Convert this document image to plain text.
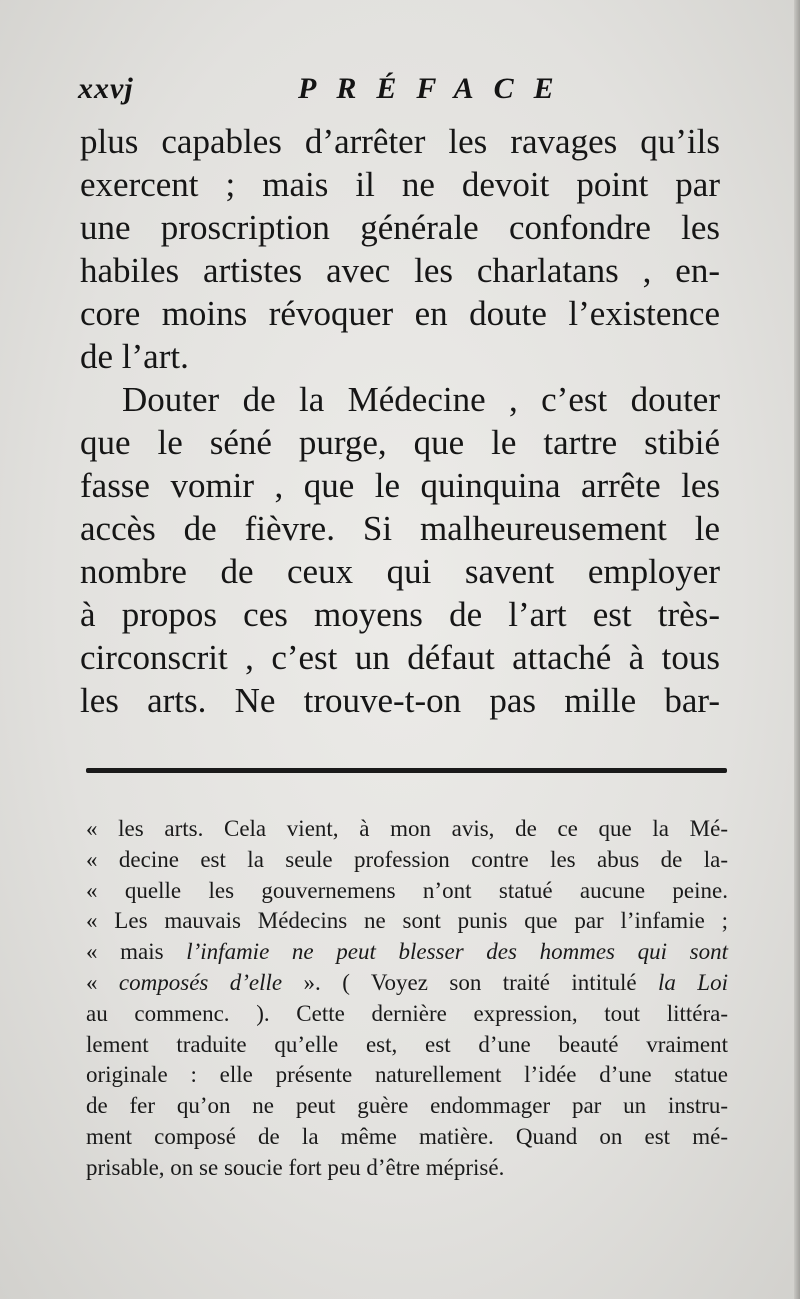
xxvj	PRÉFACE
plus capables d’arrêter les ravages qu’ils
exercent ; mais il ne devoit point par
une proscription générale confondre les
habiles artistes avec les charlatans , en-
core moins révoquer en doute l’existence
de l’art.
Douter de la Médecine , c’est douter
que le séné purge, que le tartre stibié
fasse vomir , que le quinquina arrête les
accès de fièvre. Si malheureusement le
nombre de ceux qui savent employer
à propos ces moyens de l’art est très-
circonscrit , c’est un défaut attaché à tous
les arts. Ne trouve-t-on pas mille bar-
« les arts. Cela vient, à mon avis, de ce que la Mé-
« decine est la seule profession contre les abus de la-
« quelle les gouvernemens n’ont statué aucune peine.
« Les mauvais Médecins ne sont punis que par l’infamie ;
« mais l’infamie ne peut blesser des hommes qui sont
« composés d’elle ». ( Voyez son traité intitulé la Loi
au commenc. ). Cette dernière expression, tout littéra-
lement traduite qu’elle est, est d’une beauté vraiment
originale : elle présente naturellement l’idée d’une statue
de fer qu’on ne peut guère endommager par un instru-
ment composé de la même matière. Quand on est mé-
prisable, on se soucie fort peu d’être méprisé.
